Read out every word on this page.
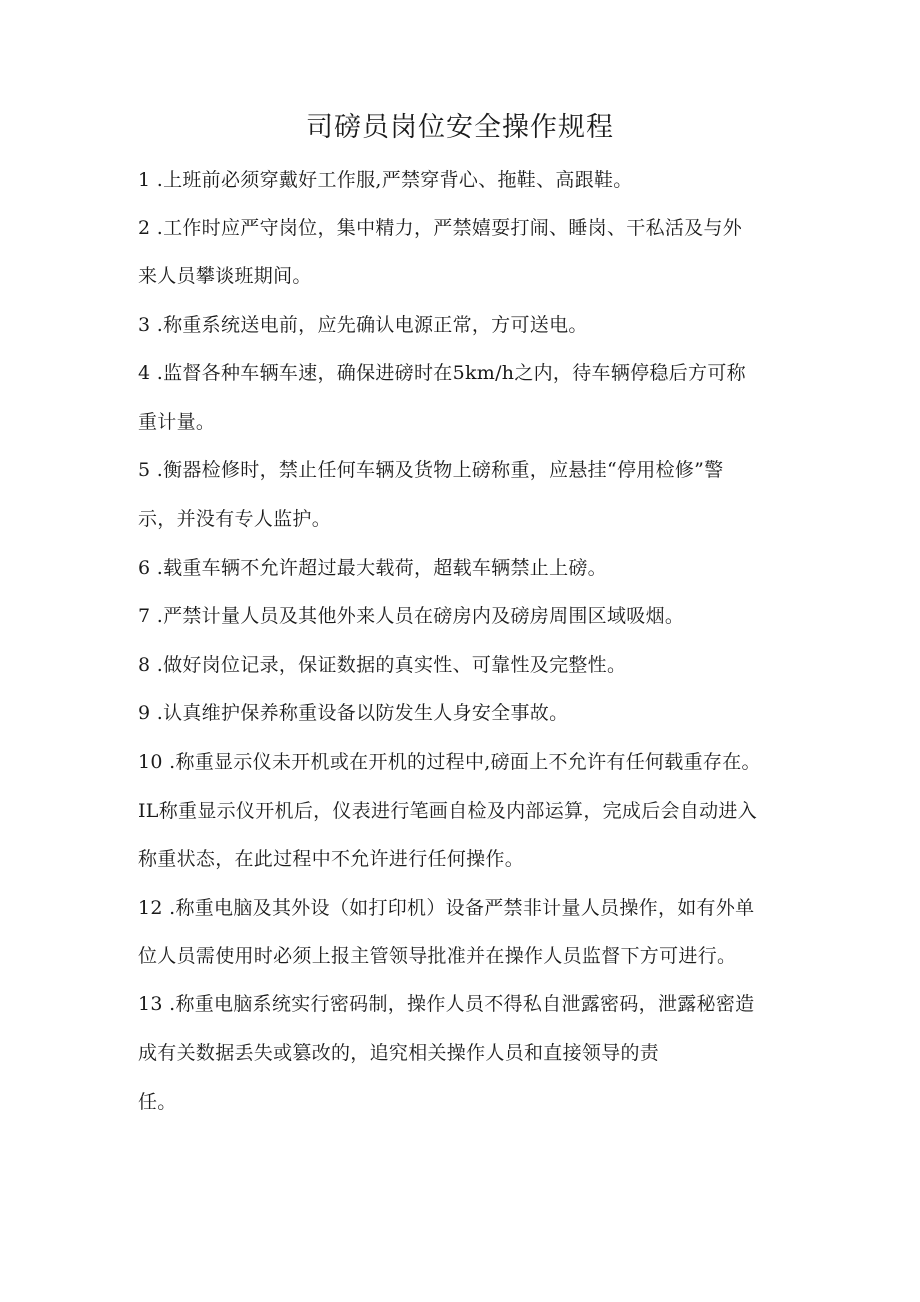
司磅员岗位安全操作规程

1 .上班前必须穿戴好工作服,严禁穿背心、拖鞋、高跟鞋。

2 .工作时应严守岗位，集中精力，严禁嬉耍打闹、睡岗、干私活及与外

来人员攀谈班期间。

3 .称重系统送电前，应先确认电源正常，方可送电。

4 .监督各种车辆车速，确保进磅时在5km/h之内，待车辆停稳后方可称

重计量。

5 .衡器检修时，禁止任何车辆及货物上磅称重，应悬挂“停用检修”警

示，并没有专人监护。

6 .载重车辆不允许超过最大载荷，超载车辆禁止上磅。

7 .严禁计量人员及其他外来人员在磅房内及磅房周围区域吸烟。

8 .做好岗位记录，保证数据的真实性、可靠性及完整性。

9 .认真维护保养称重设备以防发生人身安全事故。

10 .称重显示仪未开机或在开机的过程中,磅面上不允许有任何载重存在。

IL称重显示仪开机后，仪表进行笔画自检及内部运算，完成后会自动进入

称重状态，在此过程中不允许进行任何操作。

12 .称重电脑及其外设（如打印机）设备严禁非计量人员操作，如有外单

位人员需使用时必须上报主管领导批准并在操作人员监督下方可进行。

13 .称重电脑系统实行密码制，操作人员不得私自泄露密码，泄露秘密造

成有关数据丢失或篡改的，追究相关操作人员和直接领导的责

任。
